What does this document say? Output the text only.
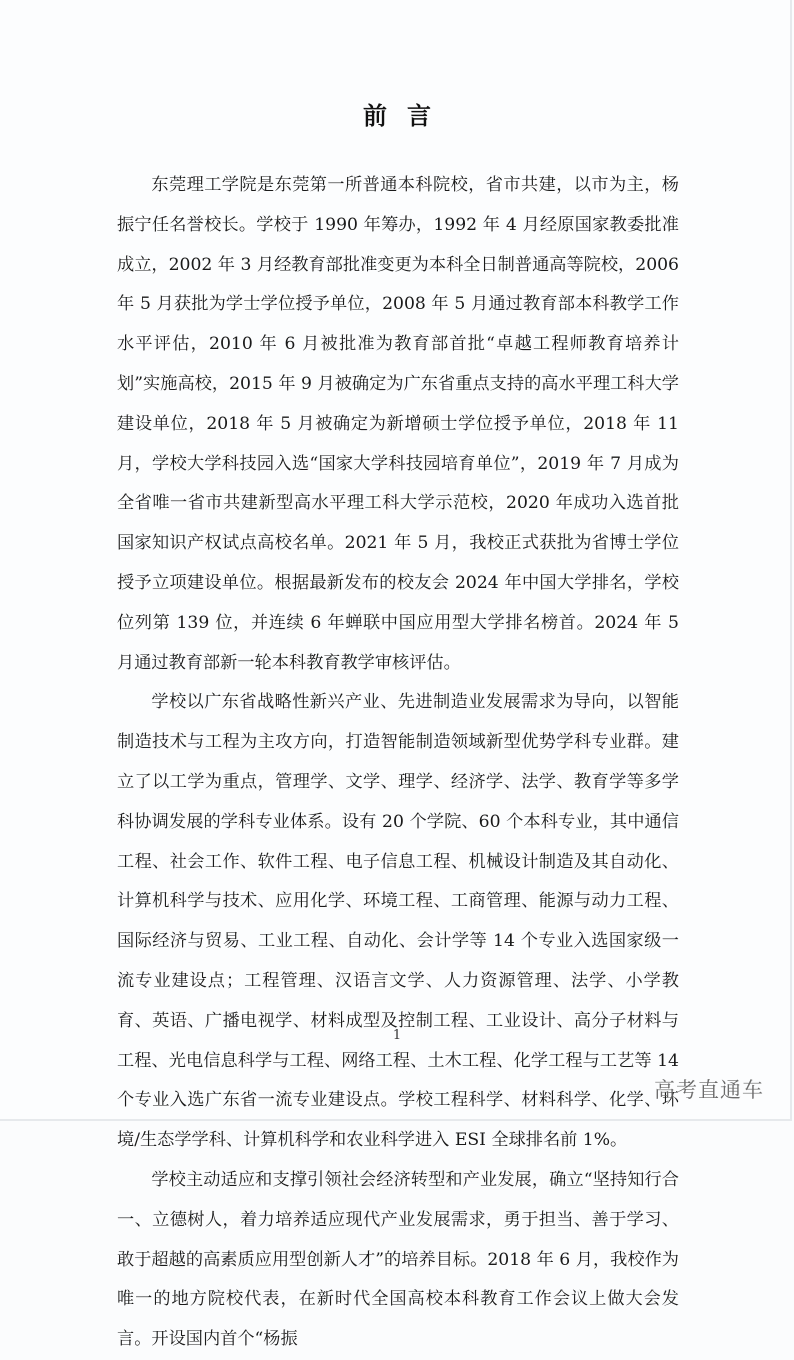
前言

东莞理工学院是东莞第一所普通本科院校，省市共建，以市为主，杨振宁任名誉校长。学校于 1990 年筹办，1992 年 4 月经原国家教委批准成立，2002 年 3 月经教育部批准变更为本科全日制普通高等院校，2006 年 5 月获批为学士学位授予单位，2008 年 5 月通过教育部本科教学工作水平评估，2010 年 6 月被批准为教育部首批“卓越工程师教育培养计划”实施高校，2015 年 9 月被确定为广东省重点支持的高水平理工科大学建设单位，2018 年 5 月被确定为新增硕士学位授予单位，2018 年 11 月，学校大学科技园入选“国家大学科技园培育单位”，2019 年 7 月成为全省唯一省市共建新型高水平理工科大学示范校，2020 年成功入选首批国家知识产权试点高校名单。2021 年 5 月，我校正式获批为省博士学位授予立项建设单位。根据最新发布的校友会 2024 年中国大学排名，学校位列第 139 位，并连续 6 年蝉联中国应用型大学排名榜首。2024 年 5 月通过教育部新一轮本科教育教学审核评估。

学校以广东省战略性新兴产业、先进制造业发展需求为导向，以智能制造技术与工程为主攻方向，打造智能制造领域新型优势学科专业群。建立了以工学为重点，管理学、文学、理学、经济学、法学、教育学等多学科协调发展的学科专业体系。设有 20 个学院、60 个本科专业，其中通信工程、社会工作、软件工程、电子信息工程、机械设计制造及其自动化、计算机科学与技术、应用化学、环境工程、工商管理、能源与动力工程、国际经济与贸易、工业工程、自动化、会计学等 14 个专业入选国家级一流专业建设点；工程管理、汉语言文学、人力资源管理、法学、小学教育、英语、广播电视学、材料成型及控制工程、工业设计、高分子材料与工程、光电信息科学与工程、网络工程、土木工程、化学工程与工艺等 14 个专业入选广东省一流专业建设点。学校工程科学、材料科学、化学、环境/生态学学科、计算机科学和农业科学进入 ESI 全球排名前 1%。

学校主动适应和支撑引领社会经济转型和产业发展，确立“坚持知行合一、立德树人，着力培养适应现代产业发展需求，勇于担当、善于学习、敢于超越的高素质应用型创新人才”的培养目标。2018 年 6 月，我校作为唯一的地方院校代表，在新时代全国高校本科教育工作会议上做大会发言。开设国内首个“杨振

1
高考直通车
